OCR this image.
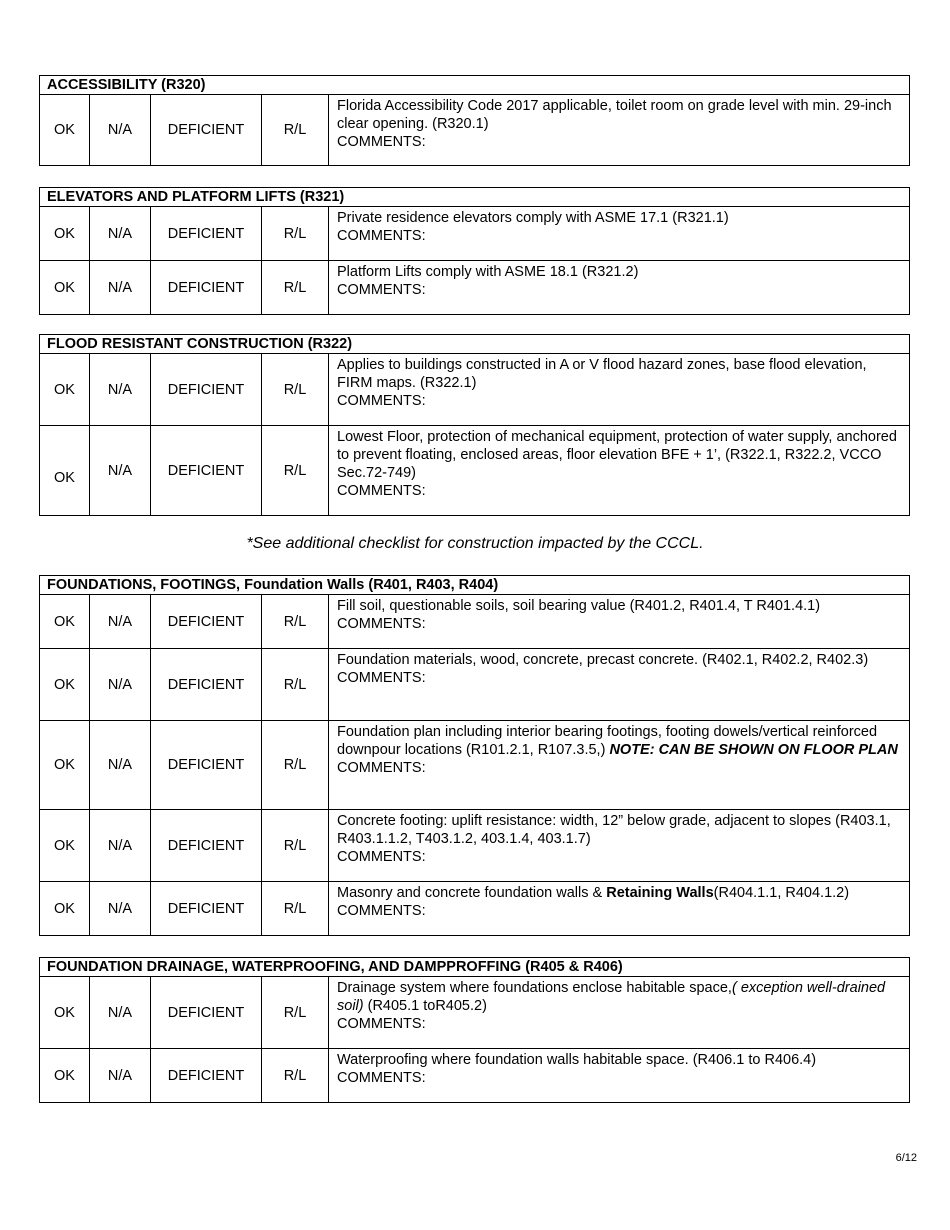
ACCESSIBILITY (R320)
OK	N/A	DEFICIENT	R/L	
Florida Accessibility Code 2017 applicable, toilet room on grade level with min. 29-inch clear opening. (R320.1)
COMMENTS:
ELEVATORS AND PLATFORM LIFTS (R321)				
OK	N/A	DEFICIENT	R/L	Private residence elevators comply with ASME 17.1 (R321.1)
COMMENTS:

OK	N/A	DEFICIENT	R/L	Platform Lifts comply with ASME 18.1 (R321.2)
COMMENTS:
FLOOD RESISTANT CONSTRUCTION (R322)				
OK	N/A	DEFICIENT	R/L	Applies to buildings constructed in A or V flood hazard zones, base flood elevation, FIRM maps. (R322.1)
COMMENTS:

OK	N/A	DEFICIENT	R/L	Lowest Floor, protection of mechanical equipment, protection of water supply, anchored to prevent floating, enclosed areas, floor elevation BFE + 1’, (R322.1, R322.2, VCCO Sec.72-749)
COMMENTS:
*See additional checklist for construction impacted by the CCCL.
FOUNDATIONS, FOOTINGS, Foundation Walls (R401, R403, R404)				
OK	N/A	DEFICIENT	R/L	Fill soil, questionable soils, soil bearing value (R401.2, R401.4, T R401.4.1)
COMMENTS:

OK	N/A	DEFICIENT	R/L	Foundation materials, wood, concrete, precast concrete. (R402.1, R402.2, R402.3)
COMMENTS:

OK	N/A	DEFICIENT	R/L	Foundation plan including interior bearing footings, footing dowels/vertical reinforced downpour locations (R101.2.1, R107.3.5,) NOTE: CAN BE SHOWN ON FLOOR PLAN
COMMENTS:

OK	N/A	DEFICIENT	R/L	Concrete footing: uplift resistance: width, 12” below grade, adjacent to slopes (R403.1, R403.1.1.2, T403.1.2, 403.1.4, 403.1.7)
COMMENTS:

OK	N/A	DEFICIENT	R/L	Masonry and concrete foundation walls & Retaining Walls(R404.1.1, R404.1.2)
COMMENTS:
FOUNDATION DRAINAGE, WATERPROOFING, AND DAMPPROFFING (R405 & R406)				
OK	N/A	DEFICIENT	R/L	Drainage system where foundations enclose habitable space,( exception well-drained soil) (R405.1 toR405.2)
COMMENTS:

OK	N/A	DEFICIENT	R/L	Waterproofing where foundation walls habitable space. (R406.1 to R406.4)
COMMENTS:
6/12
